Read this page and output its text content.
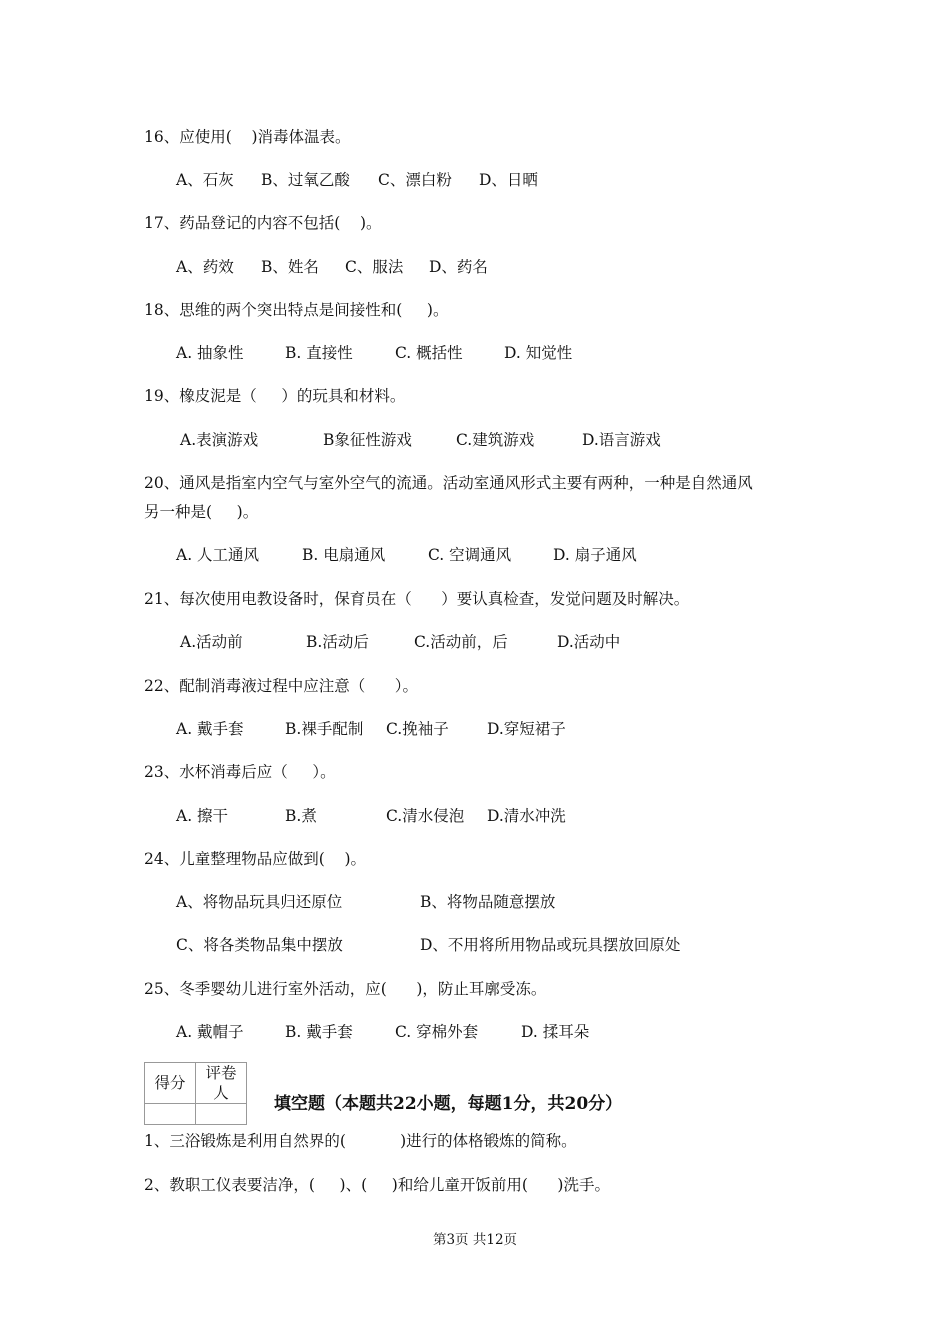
16、应使用(    )消毒体温表。
A、石灰 B、过氧乙酸 C、漂白粉 D、日晒
17、药品登记的内容不包括(    )。
A、药效 B、姓名 C、服法 D、药名
18、思维的两个突出特点是间接性和(     )。
A. 抽象性	B. 直接性	C. 概括性	D. 知觉性
19、橡皮泥是（     ）的玩具和材料。
A.表演游戏	B象征性游戏	C.建筑游戏	D.语言游戏
20、通风是指室内空气与室外空气的流通。活动室通风形式主要有两种，一种是自然通风
另一种是(     )。
A. 人工通风	B. 电扇通风	C. 空调通风	D. 扇子通风
21、每次使用电教设备时，保育员在（      ）要认真检查，发觉问题及时解决。
A.活动前	B.活动后	C.活动前，后	D.活动中
22、配制消毒液过程中应注意（      ）。
A. 戴手套	B.裸手配制 C.挽袖子 D.穿短裙子
23、水杯消毒后应（     ）。
A. 擦干	B.煮	C.清水侵泡 D.清水冲洗
24、儿童整理物品应做到(    )。
A、将物品玩具归还原位	B、将物品随意摆放
C、将各类物品集中摆放	D、不用将所用物品或玩具摆放回原处
25、冬季婴幼儿进行室外活动，应(      )，防止耳廓受冻。
A. 戴帽子	B. 戴手套	C. 穿棉外套	D. 揉耳朵
得分	评卷人

填空题（本题共22小题，每题1分，共20分）
1、三浴锻炼是利用自然界的(           )进行的体格锻炼的简称。
2、教职工仪表要洁净，(     )、(     )和给儿童开饭前用(      )洗手。
第3页 共12页
